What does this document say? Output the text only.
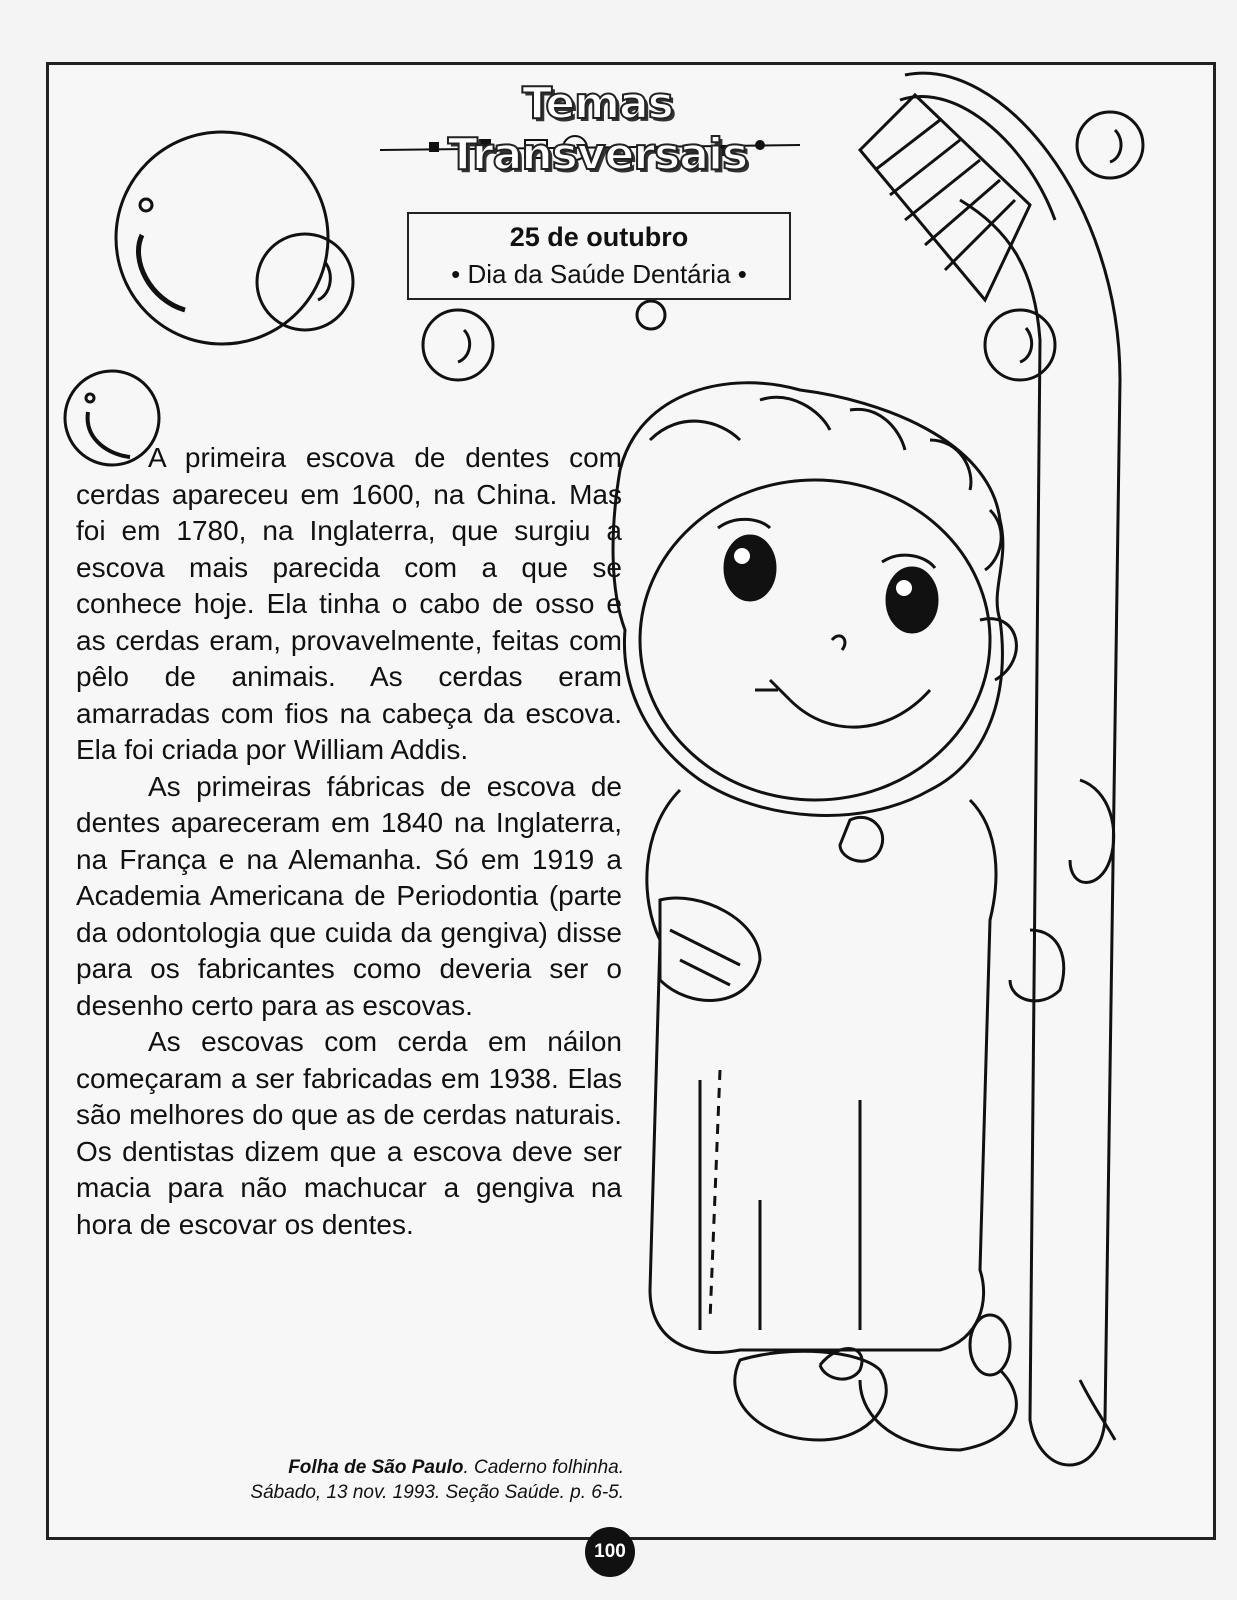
Temas Transversais
25 de outubro
• Dia da Saúde Dentária •

A primeira escova de dentes com cerdas apareceu em 1600, na China. Mas foi em 1780, na Inglaterra, que surgiu a escova mais parecida com a que se conhece hoje. Ela tinha o cabo de osso e as cerdas eram, provavelmente, feitas com pêlo de animais. As cerdas eram amarradas com fios na cabeça da escova. Ela foi criada por William Addis.

As primeiras fábricas de escova de dentes apareceram em 1840 na Inglaterra, na França e na Alemanha. Só em 1919 a Academia Americana de Periodontia (parte da odontologia que cuida da gengiva) disse para os fabricantes como deveria ser o desenho certo para as escovas.

As escovas com cerda em náilon começaram a ser fabricadas em 1938. Elas são melhores do que as de cerdas naturais. Os dentistas dizem que a escova deve ser macia para não machucar a gengiva na hora de escovar os dentes.

Folha de São Paulo. Caderno folhinha.
Sábado, 13 nov. 1993. Seção Saúde. p. 6-5.
100
